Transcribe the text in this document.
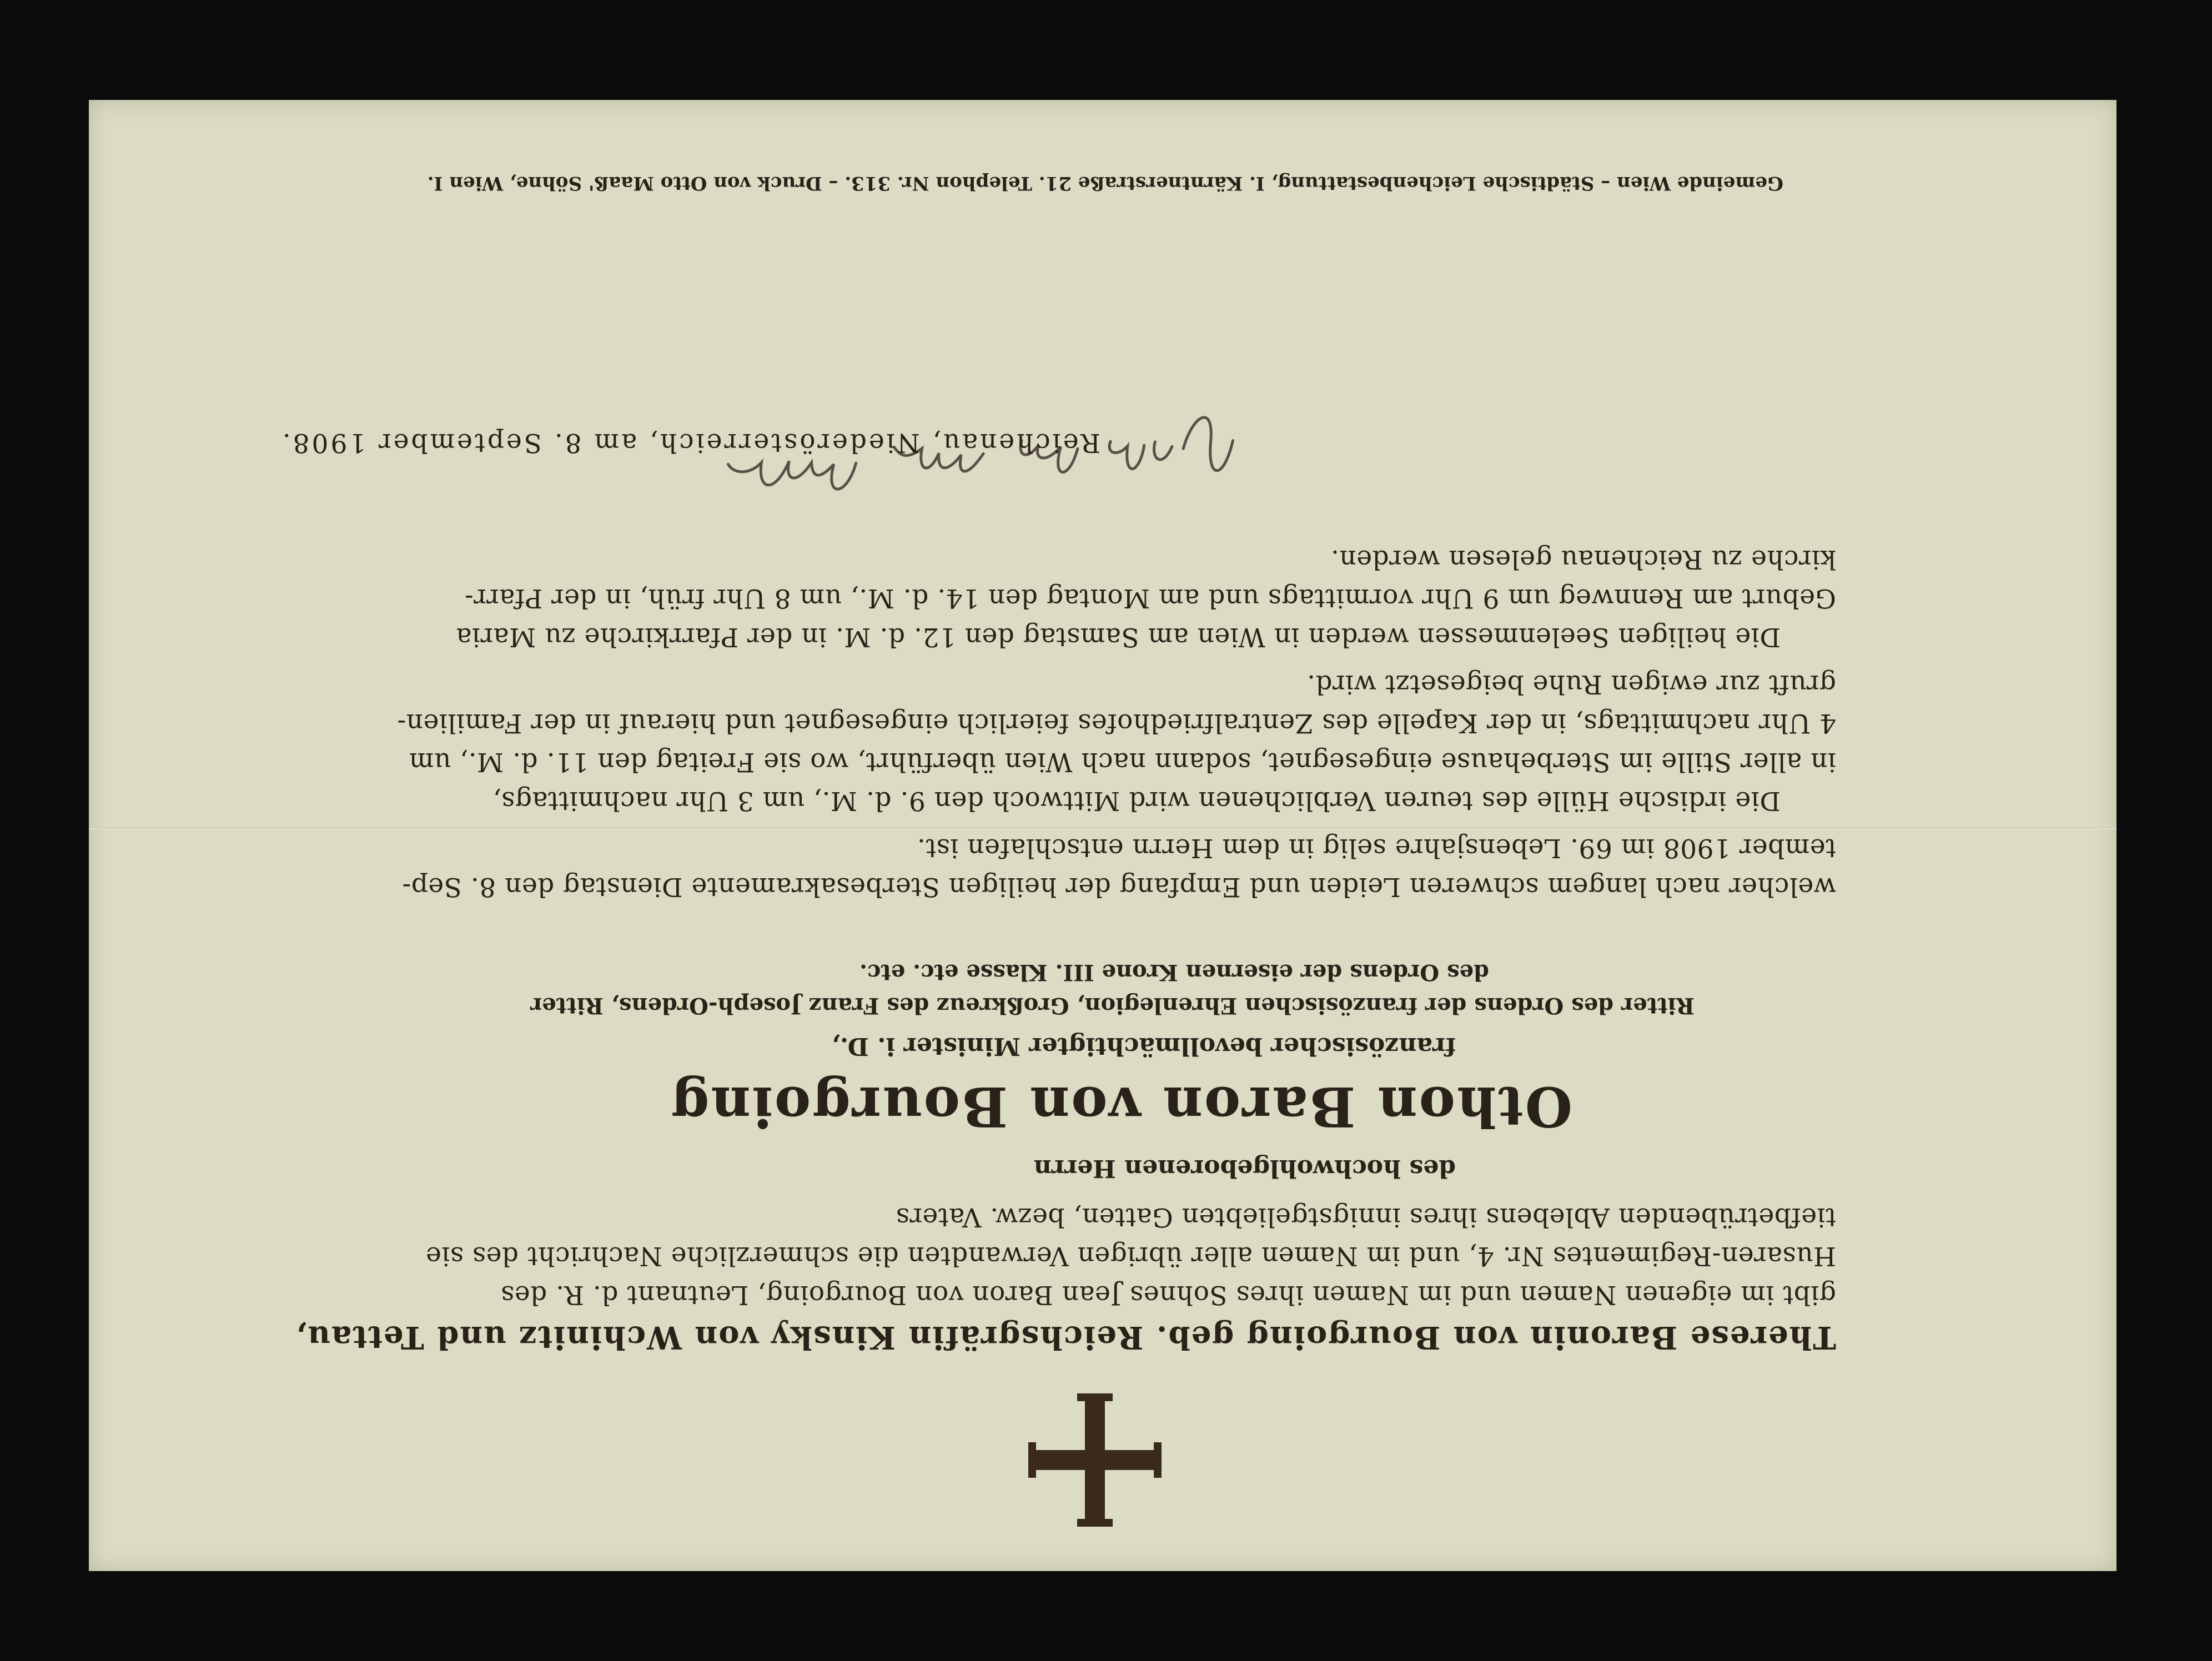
Therese Baronin von Bourgoing geb. Reichsgräfin Kinsky von Wchinitz und Tettau,

gibt im eigenen Namen und im Namen ihres Sohnes Jean Baron von Bourgoing, Leutnant d. R. des

Husaren-Regimentes Nr. 4, und im Namen aller übrigen Verwandten die schmerzliche Nachricht des sie

tiefbetrübenden Ablebens ihres innigstgeliebten Gatten, bezw. Vaters

des hochwohlgeborenen Herrn

Othon Baron von Bourgoing

französischer bevollmächtigter Minister i. D.,

Ritter des Ordens der französischen Ehrenlegion, Großkreuz des Franz Joseph-Ordens, Ritter

des Ordens der eisernen Krone III. Klasse etc. etc.

welcher nach langem schweren Leiden und Empfang der heiligen Sterbesakramente Dienstag den 8. Sep-

tember 1908 im 69. Lebensjahre selig in dem Herrn entschlafen ist.

Die irdische Hülle des teuren Verblichenen wird Mittwoch den 9. d. M., um 3 Uhr nachmittags,

in aller Stille im Sterbehause eingesegnet, sodann nach Wien überführt, wo sie Freitag den 11. d. M., um

4 Uhr nachmittags, in der Kapelle des Zentralfriedhofes feierlich eingesegnet und hierauf in der Familien-

gruft zur ewigen Ruhe beigesetzt wird.

Die heiligen Seelenmessen werden in Wien am Samstag den 12. d. M. in der Pfarrkirche zu Maria

Geburt am Rennweg um 9 Uhr vormittags und am Montag den 14. d. M., um 8 Uhr früh, in der Pfarr-

kirche zu Reichenau gelesen werden.

Reichenau, Niederösterreich, am 8. September 1908.

Gemeinde Wien – Städtische Leichenbestattung, I. Kärntnerstraße 21. Telephon Nr. 313. – Druck von Otto Maaß' Söhne, Wien I.
